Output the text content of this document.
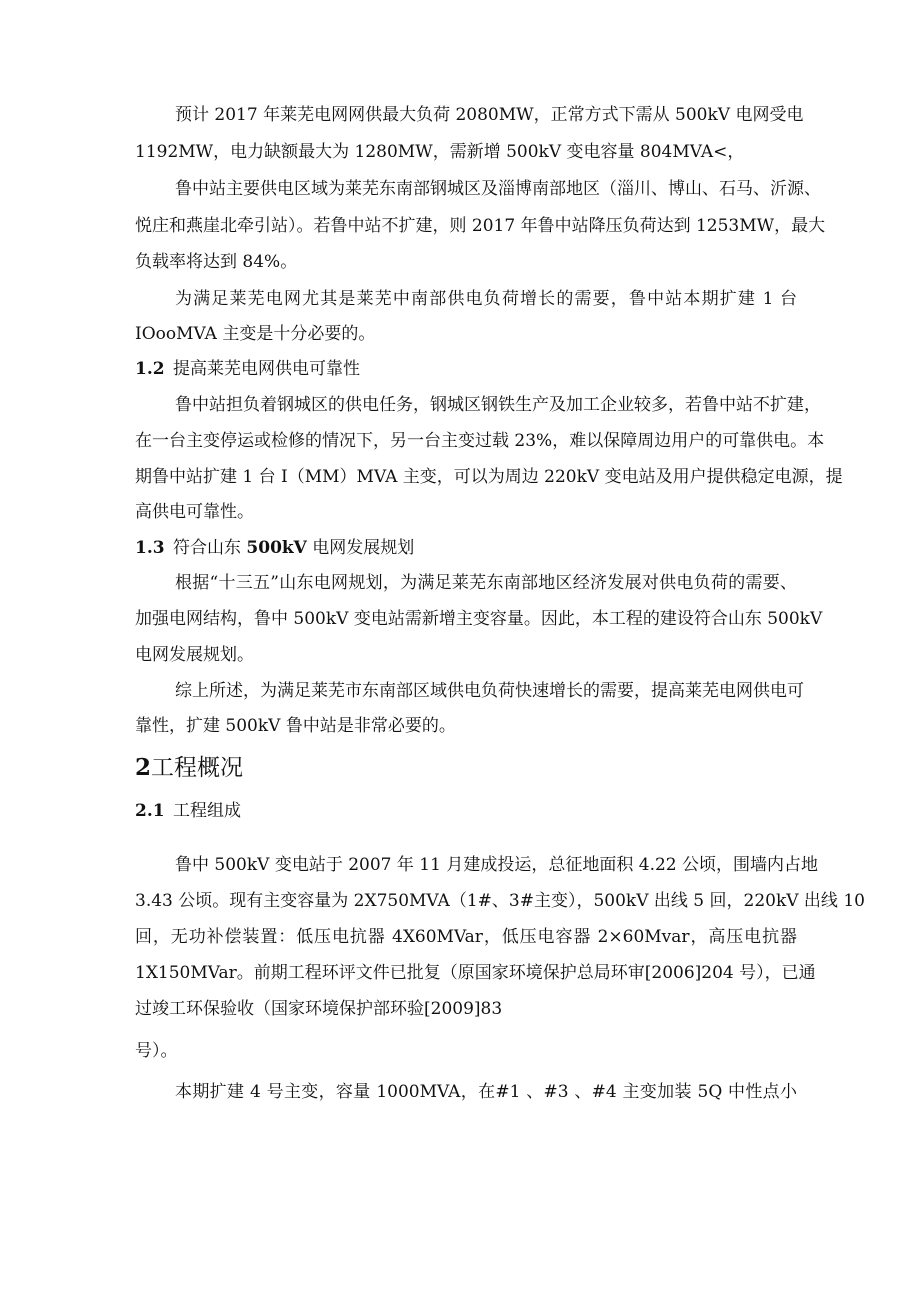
预计 2017 年莱芜电网网供最大负荷 2080MW，正常方式下需从 500kV 电网受电
1192MW，电力缺额最大为 1280MW，需新增 500kV 变电容量 804MVA<，
鲁中站主要供电区域为莱芜东南部钢城区及淄博南部地区（淄川、博山、石马、沂源、
悦庄和燕崖北牵引站）。若鲁中站不扩建，则 2017 年鲁中站降压负荷达到 1253MW，最大
负载率将达到 84%。
为满足莱芜电网尤其是莱芜中南部供电负荷增长的需要，鲁中站本期扩建 1 台
IOooMVA 主变是十分必要的。
1.2 提高莱芜电网供电可靠性
鲁中站担负着钢城区的供电任务，钢城区钢铁生产及加工企业较多，若鲁中站不扩建，
在一台主变停运或检修的情况下，另一台主变过载 23%，难以保障周边用户的可靠供电。本
期鲁中站扩建 1 台 I（MM）MVA 主变，可以为周边 220kV 变电站及用户提供稳定电源，提
高供电可靠性。
1.3 符合山东 500kV 电网发展规划
根据“十三五”山东电网规划，为满足莱芜东南部地区经济发展对供电负荷的需要、
加强电网结构，鲁中 500kV 变电站需新增主变容量。因此，本工程的建设符合山东 500kV
电网发展规划。
综上所述，为满足莱芜市东南部区域供电负荷快速增长的需要，提高莱芜电网供电可
靠性，扩建 500kV 鲁中站是非常必要的。
2工程概况
2.1 工程组成
鲁中 500kV 变电站于 2007 年 11 月建成投运，总征地面积 4.22 公顷，围墙内占地
3.43 公顷。现有主变容量为 2X750MVA（1#、3#主变），500kV 出线 5 回，220kV 出线 10
回，无功补偿装置：低压电抗器 4X60MVar，低压电容器 2×60Mvar，高压电抗器
1X150MVar。前期工程环评文件已批复（原国家环境保护总局环审[2006]204 号），已通
过竣工环保验收（国家环境保护部环验[2009]83
号）。
本期扩建 4 号主变，容量 1000MVA，在#1 、#3 、#4 主变加装 5Q 中性点小
